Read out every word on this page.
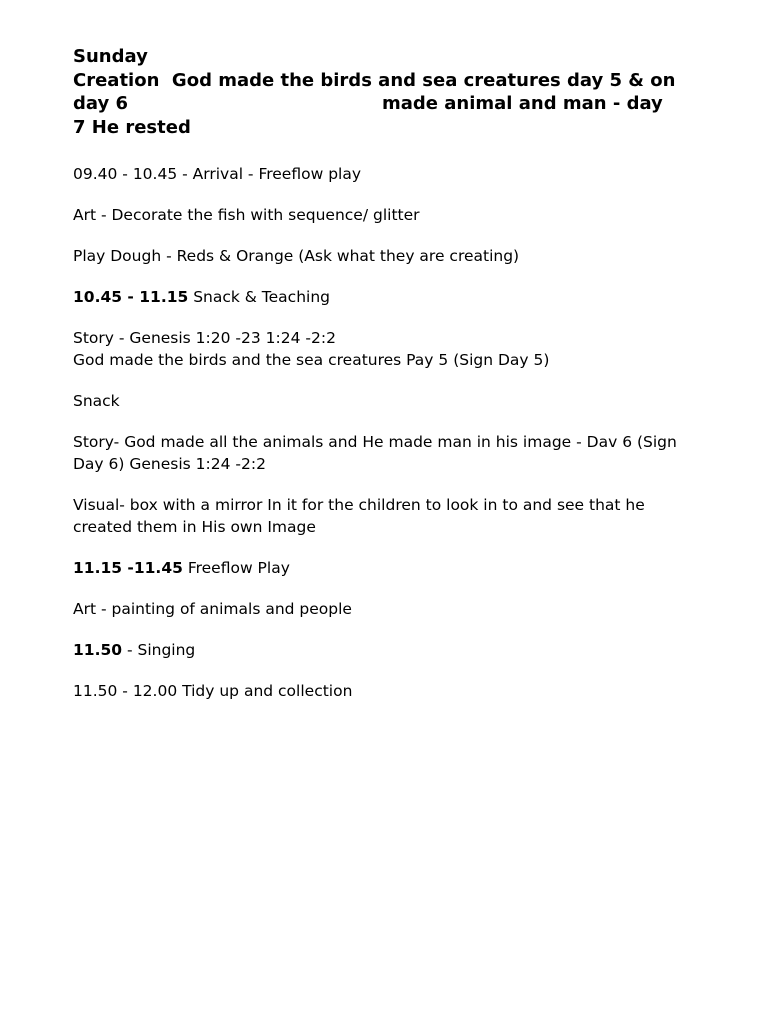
Sunday
Creation  God made the birds and sea creatures day 5 & on
day 6	made animal and man - day
7 He rested
09.40 - 10.45 - Arrival - Freeflow play
Art - Decorate the fish with sequence/ glitter
Play Dough - Reds & Orange (Ask what they are creating)
10.45 - 11.15 Snack & Teaching
Story - Genesis 1:20 -23 1:24 -2:2
God made the birds and the sea creatures Pay 5 (Sign Day 5)
Snack
Story- God made all the animals and He made man in his image - Dav 6 (Sign
Day 6) Genesis 1:24 -2:2
Visual- box with a mirror In it for the children to look in to and see that he
created them in His own Image
11.15 -11.45 Freeflow Play
Art - painting of animals and people
11.50 - Singing
11.50 - 12.00 Tidy up and collection
